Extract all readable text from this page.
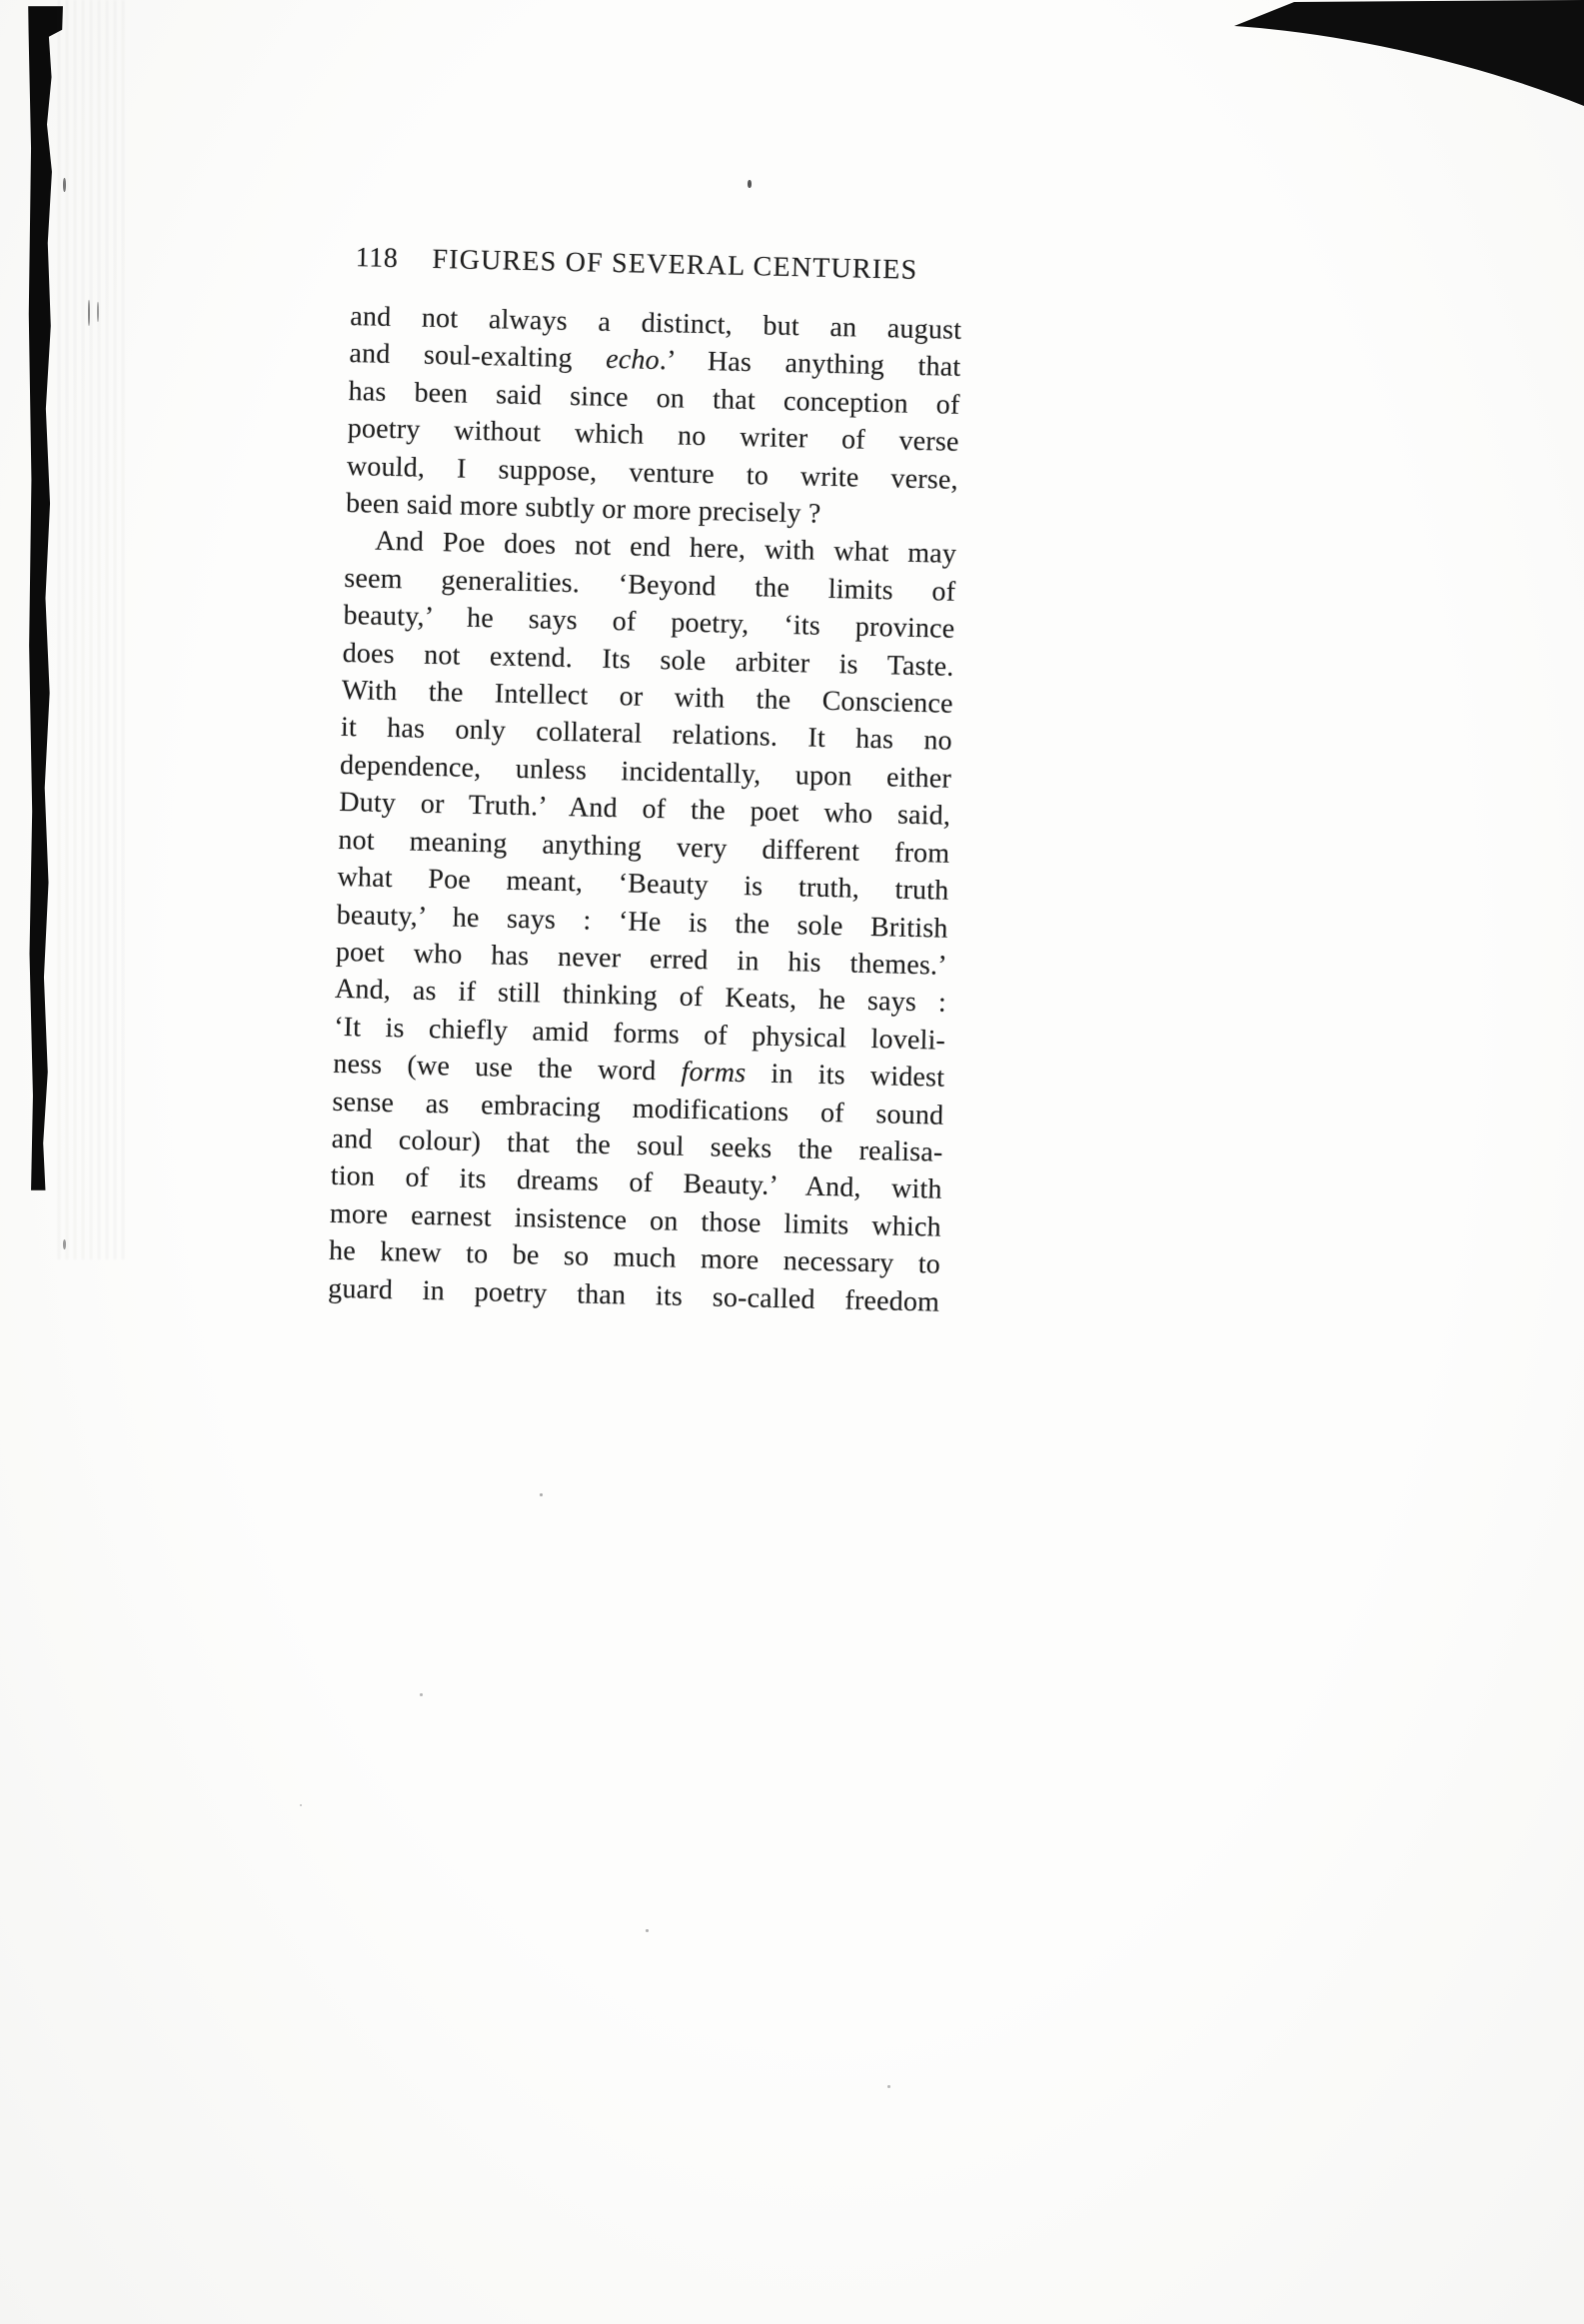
118 FIGURES OF SEVERAL CENTURIES
and not always a distinct, but an august
and soul-exalting echo.’ Has anything that
has been said since on that conception of
poetry without which no writer of verse
would, I suppose, venture to write verse,
been said more subtly or more precisely ?
And Poe does not end here, with what may
seem generalities. ‘Beyond the limits of
beauty,’ he says of poetry, ‘its province
does not extend. Its sole arbiter is Taste.
With the Intellect or with the Conscience
it has only collateral relations. It has no
dependence, unless incidentally, upon either
Duty or Truth.’ And of the poet who said,
not meaning anything very different from
what Poe meant, ‘Beauty is truth, truth
beauty,’ he says : ‘He is the sole British
poet who has never erred in his themes.’
And, as if still thinking of Keats, he says :
‘It is chiefly amid forms of physical loveli-
ness (we use the word forms in its widest
sense as embracing modifications of sound
and colour) that the soul seeks the realisa-
tion of its dreams of Beauty.’ And, with
more earnest insistence on those limits which
he knew to be so much more necessary to
guard in poetry than its so-called freedom
